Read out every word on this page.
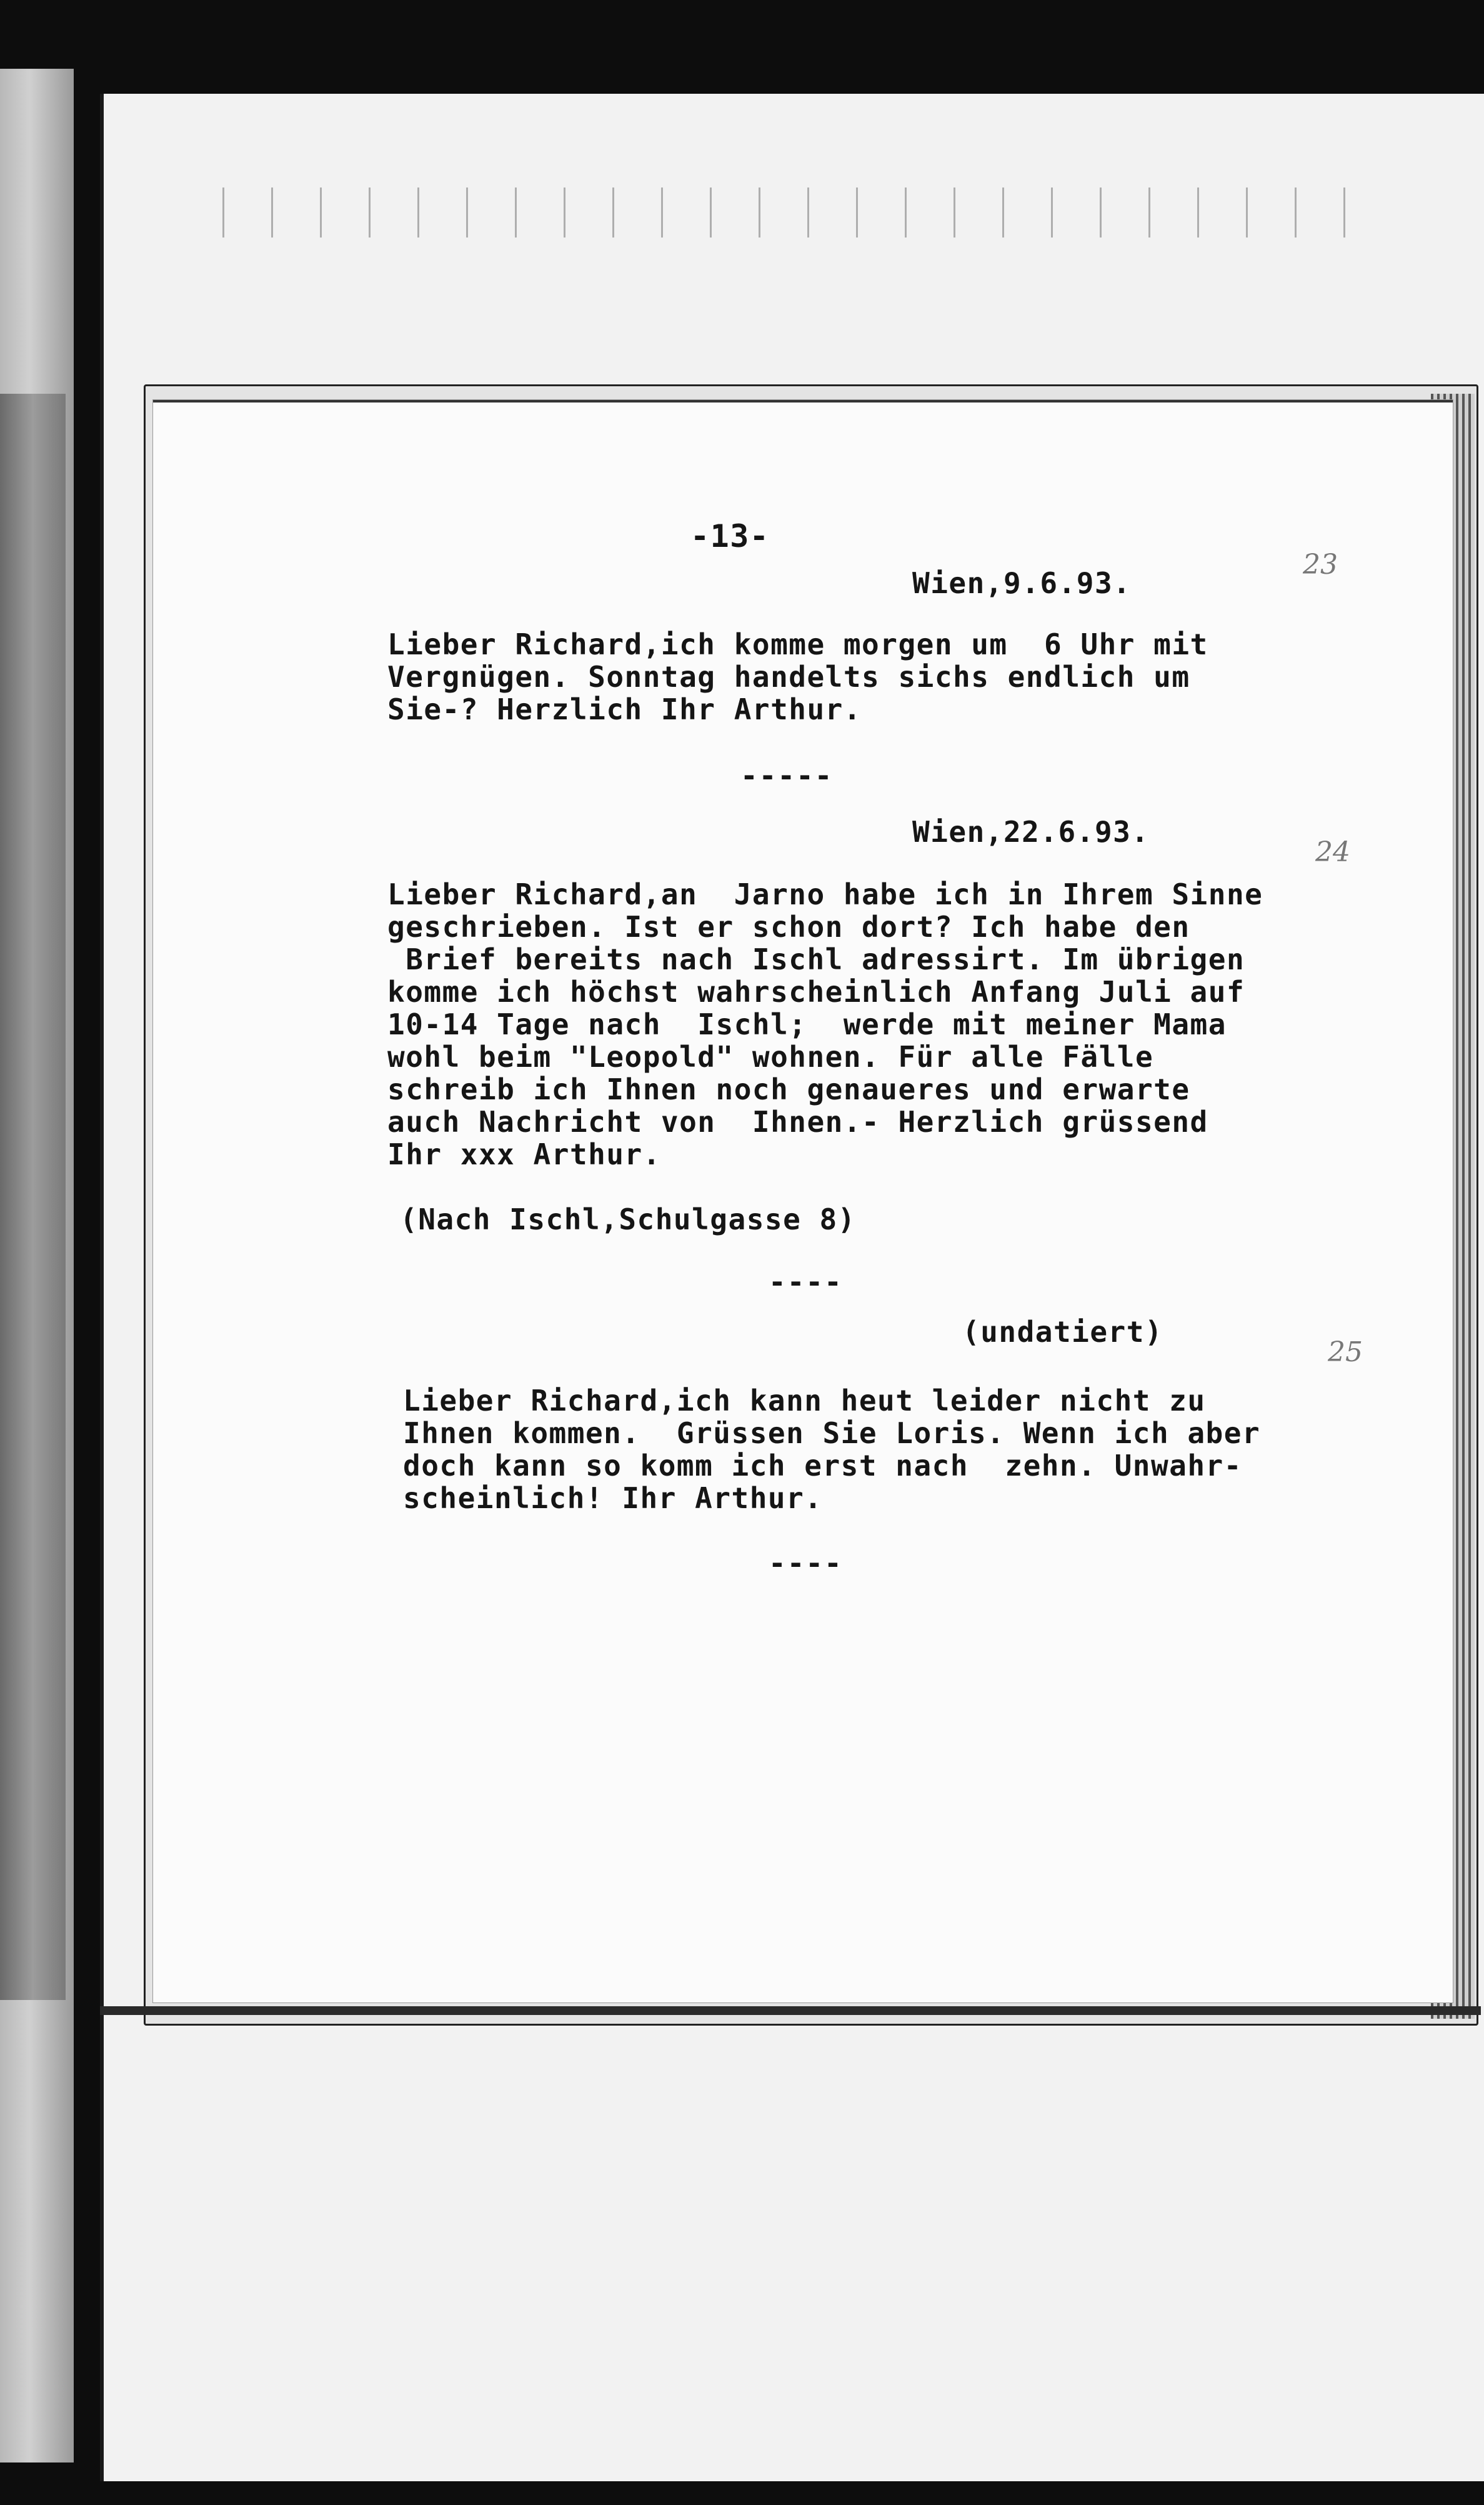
-13-

23

Wien,9.6.93.

Lieber Richard,ich komme morgen um  6 Uhr mit

Vergnügen. Sonntag handelts sichs endlich um

Sie-? Herzlich Ihr Arthur.

-----

24

Wien,22.6.93.

Lieber Richard,an  Jarno habe ich in Ihrem Sinne

geschrieben. Ist er schon dort? Ich habe den

Brief bereits nach Ischl adressirt. Im übrigen

komme ich höchst wahrscheinlich Anfang Juli auf

10-14 Tage nach  Ischl;  werde mit meiner Mama

wohl beim "Leopold" wohnen. Für alle Fälle

schreib ich Ihnen noch genaueres und erwarte

auch Nachricht von  Ihnen.- Herzlich grüssend

Ihr xxx Arthur.

(Nach Ischl,Schulgasse 8)

----

25

(undatiert)

Lieber Richard,ich kann heut leider nicht zu

Ihnen kommen.  Grüssen Sie Loris. Wenn ich aber

doch kann so komm ich erst nach  zehn. Unwahr-

scheinlich! Ihr Arthur.

----
